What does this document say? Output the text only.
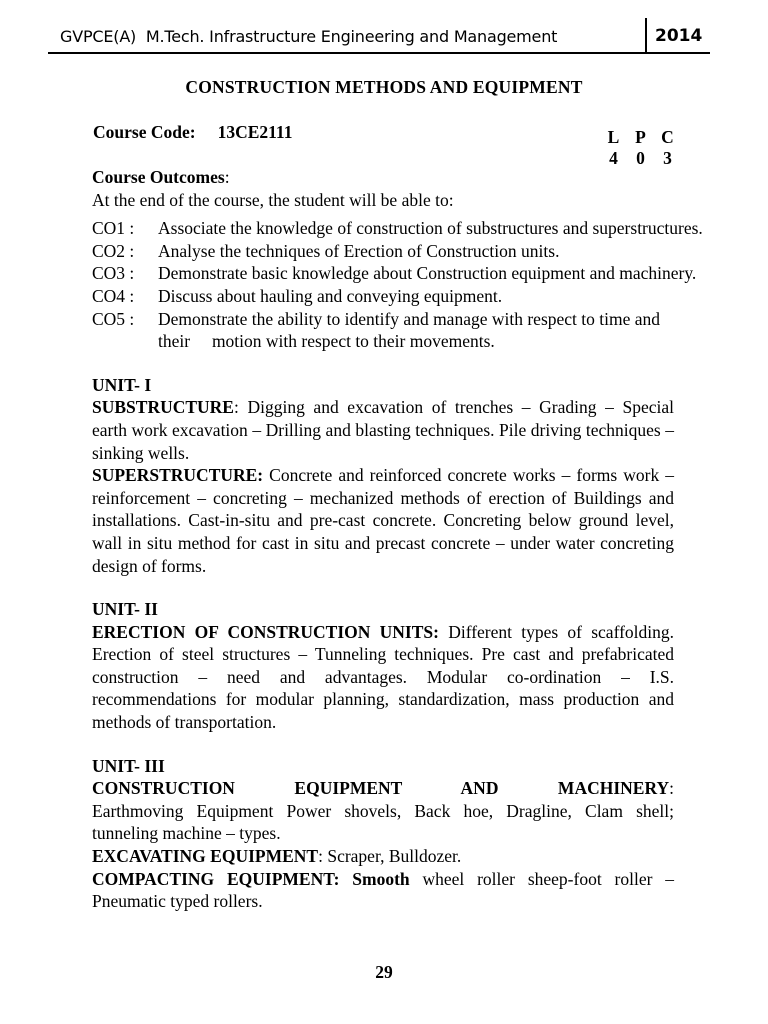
GVPCE(A)  M.Tech. Infrastructure Engineering and Management	2014
CONSTRUCTION METHODS AND EQUIPMENT
Course Code: 13CE2111	L P C
4 0 3
Course Outcomes:
At the end of the course, the student will be able to:
CO1 :	Associate the knowledge of construction of substructures and superstructures.
CO2 :	Analyse the techniques of Erection of Construction units.
CO3 :	Demonstrate basic knowledge about Construction equipment and machinery.
CO4 :	Discuss about hauling and conveying equipment.
CO5 :	Demonstrate the ability to identify and manage with respect to time and their     motion with respect to their movements.
UNIT- I
SUBSTRUCTURE: Digging and excavation of trenches – Grading – Special earth work excavation – Drilling and blasting techniques. Pile driving techniques – sinking wells.
SUPERSTRUCTURE: Concrete and reinforced concrete works – forms work – reinforcement – concreting – mechanized methods of erection of Buildings and installations. Cast-in-situ and pre-cast concrete. Concreting below ground level, wall in situ method for cast in situ and precast concrete – under water concreting design of forms.
UNIT- II
ERECTION OF CONSTRUCTION UNITS: Different types of scaffolding. Erection of steel structures – Tunneling techniques. Pre cast and prefabricated construction – need and advantages. Modular co-ordination – I.S. recommendations for modular planning, standardization, mass production and methods of transportation.
UNIT- III
CONSTRUCTION EQUIPMENT AND MACHINERY:
Earthmoving Equipment Power shovels, Back hoe, Dragline, Clam shell; tunneling machine – types.
EXCAVATING EQUIPMENT: Scraper, Bulldozer.
COMPACTING EQUIPMENT: Smooth wheel roller sheep-foot roller – Pneumatic typed rollers.
29
